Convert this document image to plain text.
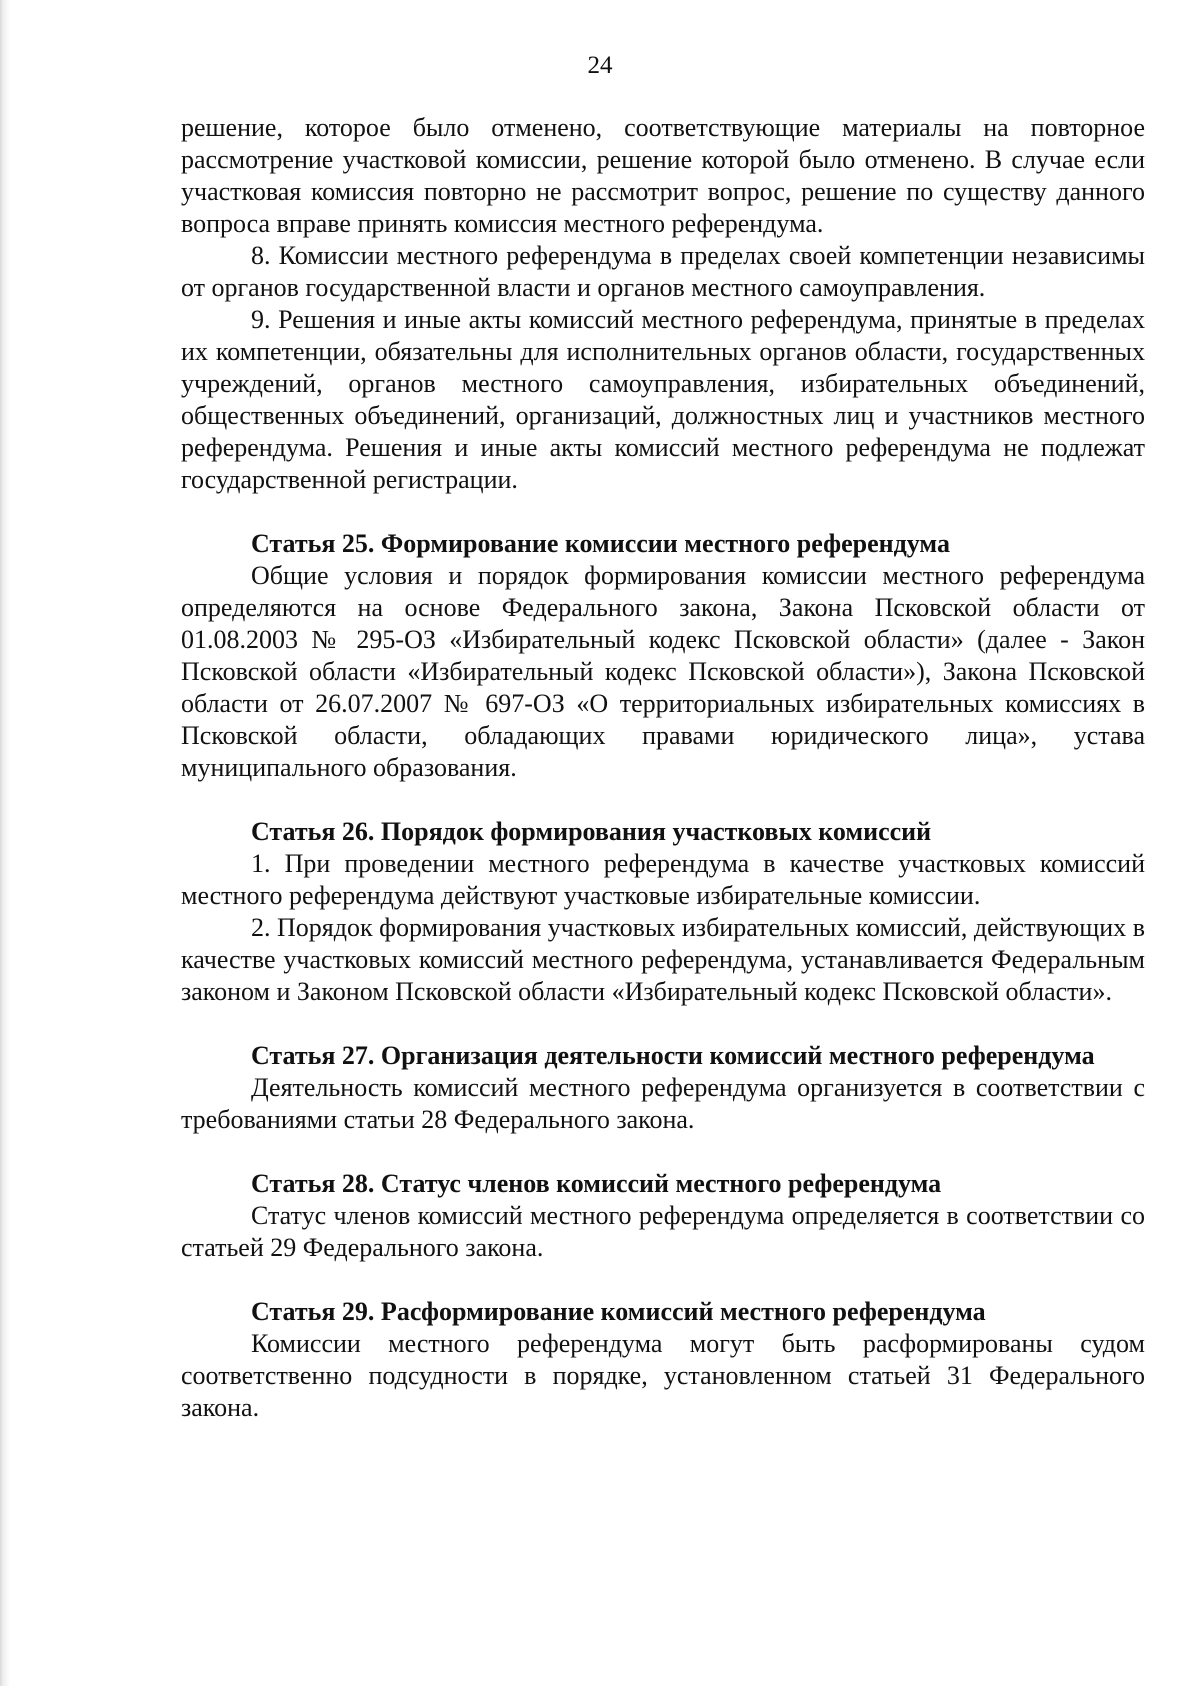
24

решение, которое было отменено, соответствующие материалы на повторное рассмотрение участковой комиссии, решение которой было отменено. В случае если участковая комиссия повторно не рассмотрит вопрос, решение по существу данного вопроса вправе принять комиссия местного референдума.

8. Комиссии местного референдума в пределах своей компетенции независимы от органов государственной власти и органов местного самоуправления.

9. Решения и иные акты комиссий местного референдума, принятые в пределах их компетенции, обязательны для исполнительных органов области, государственных учреждений, органов местного самоуправления, избирательных объединений, общественных объединений, организаций, должностных лиц и участников местного референдума. Решения и иные акты комиссий местного референдума не подлежат государственной регистрации.

Статья 25. Формирование комиссии местного референдума

Общие условия и порядок формирования комиссии местного референдума определяются на основе Федерального закона, Закона Псковской области от 01.08.2003 № 295-ОЗ «Избирательный кодекс Псковской области» (далее - Закон Псковской области «Избирательный кодекс Псковской области»), Закона Псковской области от 26.07.2007 № 697-ОЗ «О территориальных избирательных комиссиях в Псковской области, обладающих правами юридического лица», устава муниципального образования.

Статья 26. Порядок формирования участковых комиссий

1. При проведении местного референдума в качестве участковых комиссий местного референдума действуют участковые избирательные комиссии.

2. Порядок формирования участковых избирательных комиссий, действующих в качестве участковых комиссий местного референдума, устанавливается Федеральным законом и Законом Псковской области «Избирательный кодекс Псковской области».

Статья 27. Организация деятельности комиссий местного референдума

Деятельность комиссий местного референдума организуется в соответствии с требованиями статьи 28 Федерального закона.

Статья 28. Статус членов комиссий местного референдума

Статус членов комиссий местного референдума определяется в соответствии со статьей 29 Федерального закона.

Статья 29. Расформирование комиссий местного референдума

Комиссии местного референдума могут быть расформированы судом соответственно подсудности в порядке, установленном статьей 31 Федерального закона.
